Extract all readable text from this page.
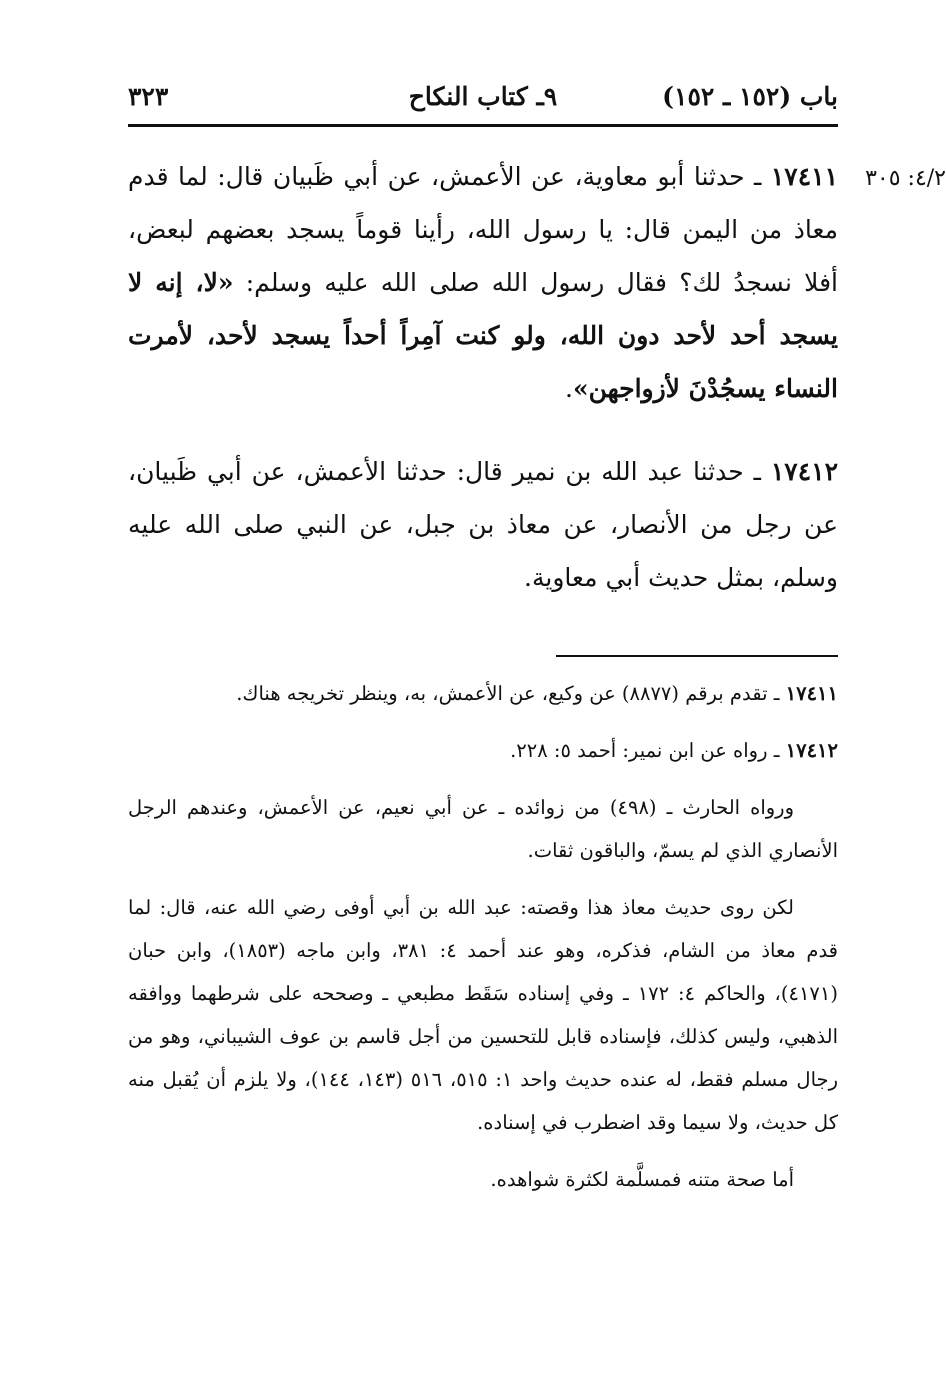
باب (١٥٢ ـ ١٥٢)
٩ـ كتاب النكاح
٣٢٣
٤/٢: ٣٠٥

١٧٤١١ ـ حدثنا أبو معاوية، عن الأعمش، عن أبي ظَبيان قال: لما قدم معاذ من اليمن قال: يا رسول الله، رأينا قوماً يسجد بعضهم لبعض، أفلا نسجدُ لك؟ فقال رسول الله صلى الله عليه وسلم: «لا، إنه لا يسجد أحد لأحد دون الله، ولو كنت آمِراً أحداً يسجد لأحد، لأمرت النساء يسجُدْنَ لأزواجهن».

١٧٤١٢ ـ حدثنا عبد الله بن نمير قال: حدثنا الأعمش، عن أبي ظَبيان، عن رجل من الأنصار، عن معاذ بن جبل، عن النبي صلى الله عليه وسلم، بمثل حديث أبي معاوية.

١٧٤١١ ـ تقدم برقم (٨٨٧٧) عن وكيع، عن الأعمش، به، وينظر تخريجه هناك.

١٧٤١٢ ـ رواه عن ابن نمير: أحمد ٥: ٢٢٨.

ورواه الحارث ـ (٤٩٨) من زوائده ـ عن أبي نعيم، عن الأعمش، وعندهم الرجل الأنصاري الذي لم يسمّ، والباقون ثقات.

لكن روى حديث معاذ هذا وقصته: عبد الله بن أبي أوفى رضي الله عنه، قال: لما قدم معاذ من الشام، فذكره، وهو عند أحمد ٤: ٣٨١، وابن ماجه (١٨٥٣)، وابن حبان (٤١٧١)، والحاكم ٤: ١٧٢ ـ وفي إسناده سَقَط مطبعي ـ وصححه على شرطهما ووافقه الذهبي، وليس كذلك، فإسناده قابل للتحسين من أجل قاسم بن عوف الشيباني، وهو من رجال مسلم فقط، له عنده حديث واحد ١: ٥١٥، ٥١٦ (١٤٣، ١٤٤)، ولا يلزم أن يُقبل منه كل حديث، ولا سيما وقد اضطرب في إسناده.

أما صحة متنه فمسلَّمة لكثرة شواهده.
